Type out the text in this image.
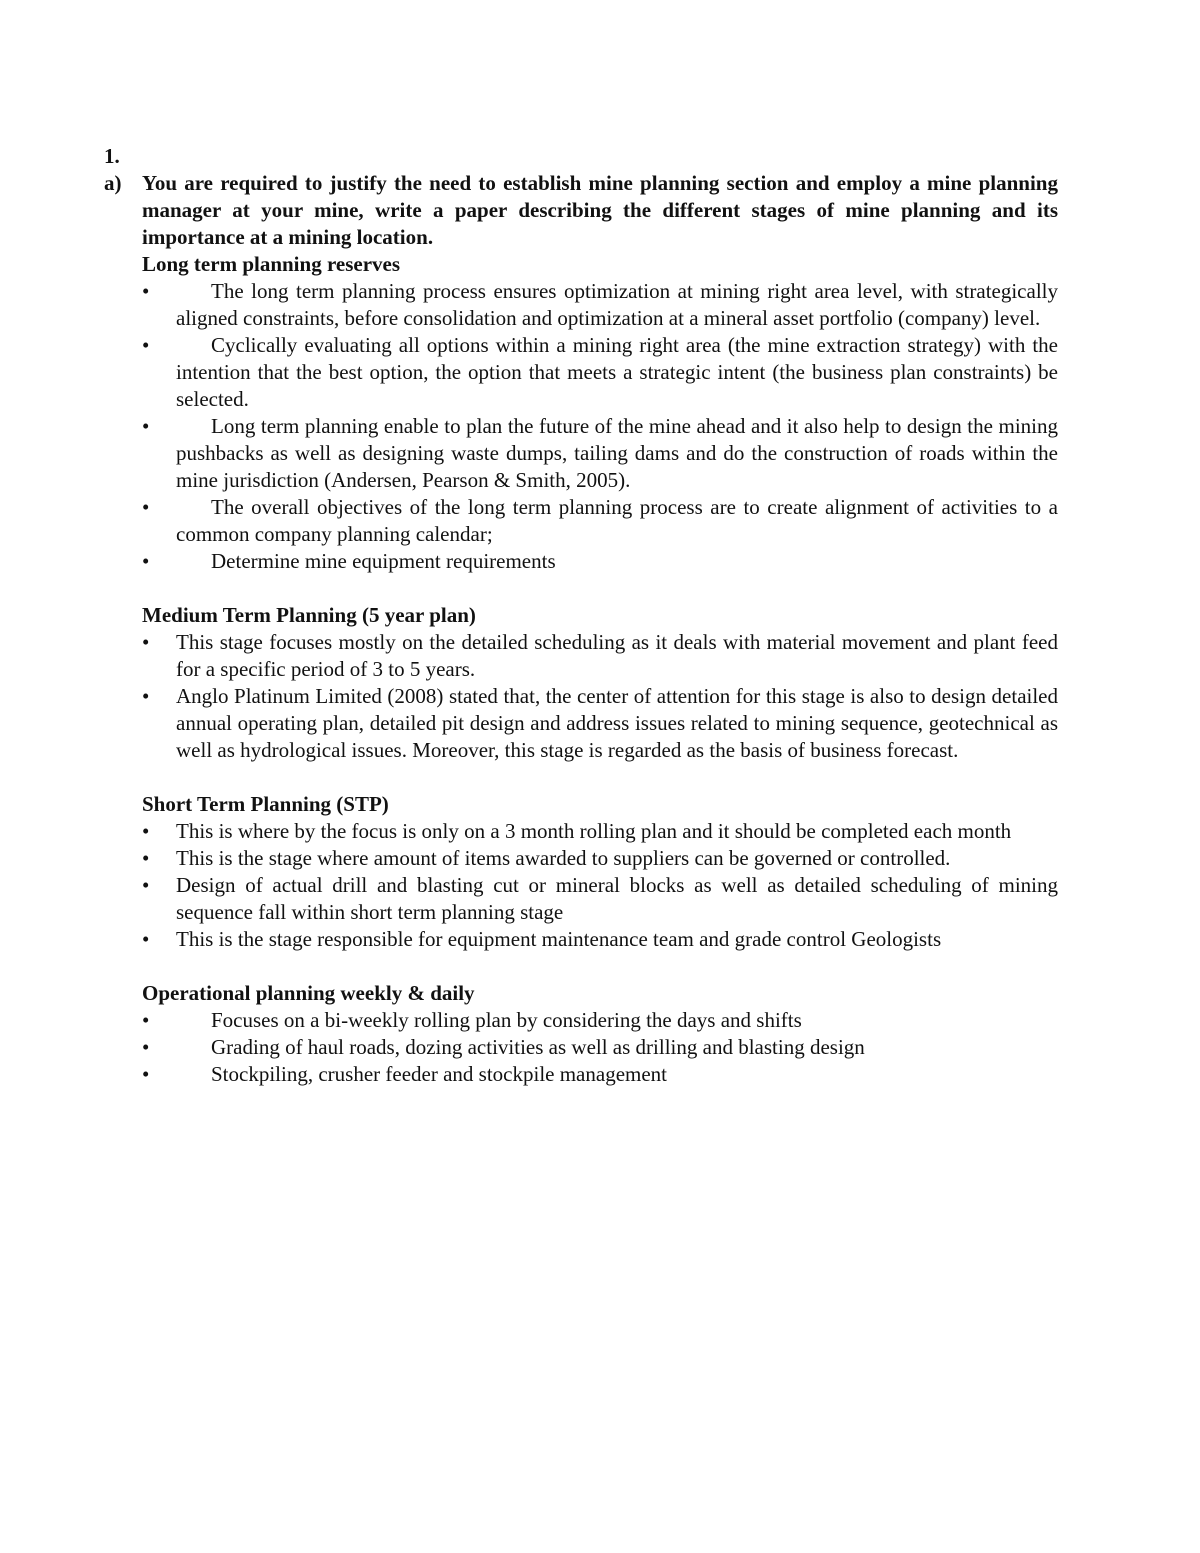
1.
a) You are required to justify the need to establish mine planning section and employ a mine planning manager at your mine, write a paper describing the different stages of mine planning and its importance at a mining location.
Long term planning reserves
•	The long term planning process ensures optimization at mining right area level, with strategically aligned constraints, before consolidation and optimization at a mineral asset portfolio (company) level.
•	Cyclically evaluating all options within a mining right area (the mine extraction strategy) with the intention that the best option, the option that meets a strategic intent (the business plan constraints) be selected.
•	Long term planning enable to plan the future of the mine ahead and it also help to design the mining pushbacks as well as designing waste dumps, tailing dams and do the construction of roads within the mine jurisdiction (Andersen, Pearson & Smith, 2005).
•	The overall objectives of the long term planning process are to create alignment of activities to a common company planning calendar;
•	Determine mine equipment requirements
Medium Term Planning (5 year plan)
• This stage focuses mostly on the detailed scheduling as it deals with material movement and plant feed for a specific period of 3 to 5 years.
• Anglo Platinum Limited (2008) stated that, the center of attention for this stage is also to design detailed annual operating plan, detailed pit design and address issues related to mining sequence, geotechnical as well as hydrological issues. Moreover, this stage is regarded as the basis of business forecast.
Short Term Planning (STP)
• This is where by the focus is only on a 3 month rolling plan and it should be completed each month
• This is the stage where amount of items awarded to suppliers can be governed or controlled.
• Design of actual drill and blasting cut or mineral blocks as well as detailed scheduling of mining sequence fall within short term planning stage
• This is the stage responsible for equipment maintenance team and grade control Geologists
Operational planning weekly & daily
•	Focuses on a bi-weekly rolling plan by considering the days and shifts
•	Grading of haul roads, dozing activities as well as drilling and blasting design
•	Stockpiling, crusher feeder and stockpile management
